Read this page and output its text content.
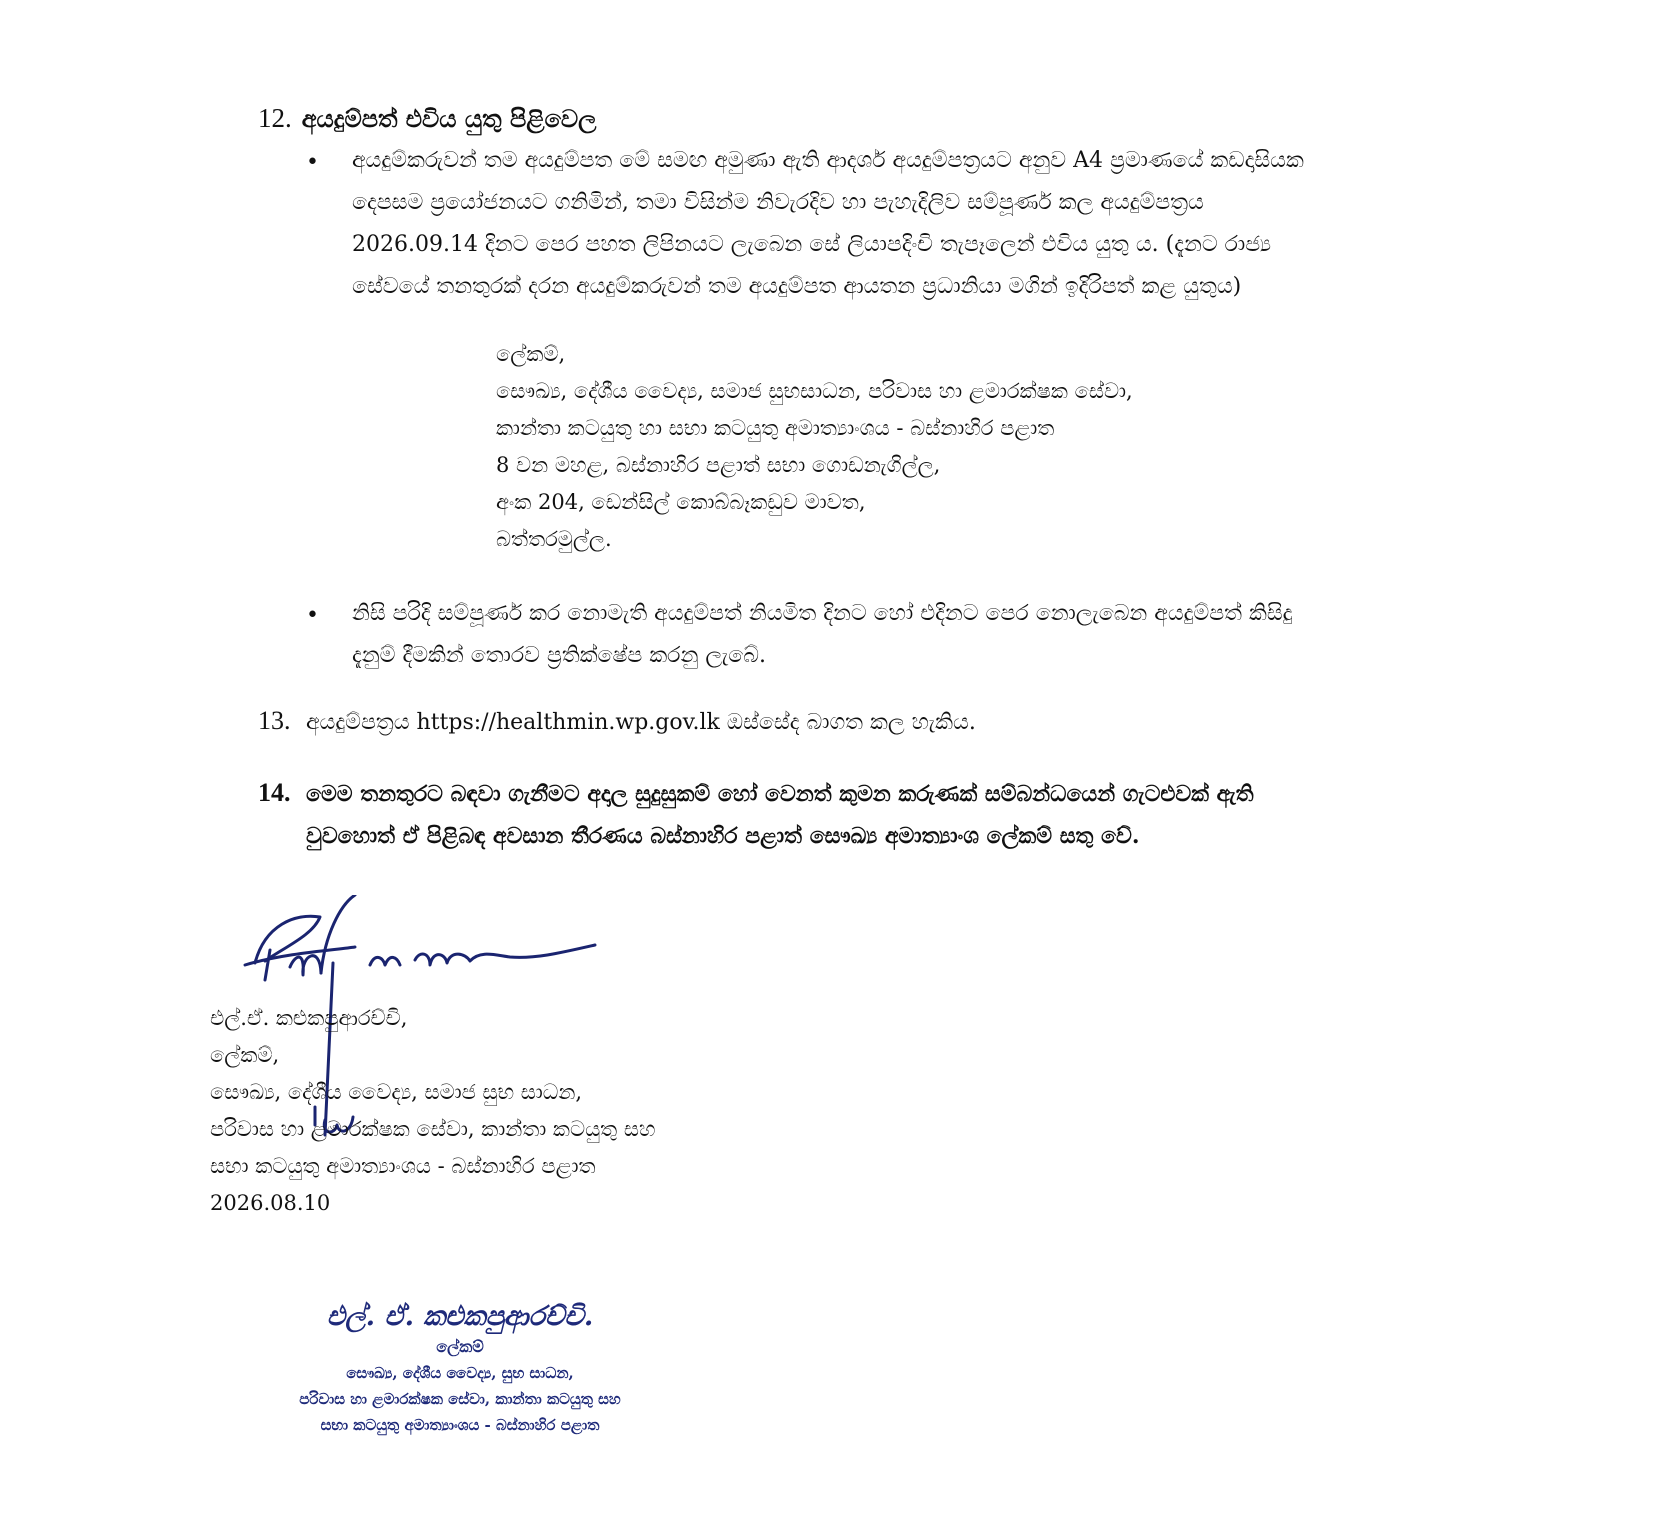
12. අයදුම්පත් එවිය යුතු පිළිවෙල
• අයදුම්කරුවන් තම අයදුම්පත මේ සමඟ අමුණා ඇති ආදර්ශ අයදුම්පත්‍රයට අනුව A4 ප්‍රමාණයේ කඩදාසියක
දෙපසම ප්‍රයෝජනයට ගනිමින්, තමා විසින්ම නිවැරදිව හා පැහැදිලිව සම්පූර්ණ කල අයදුම්පත්‍රය
2026.09.14 දිනට පෙර පහත ලිපිනයට ලැබෙන සේ ලියාපදිංචි තැපෑලෙන් එවිය යුතු ය. (දැනට රාජ්‍ය
සේවයේ තනතුරක් දරන අයදුම්කරුවන් තම අයදුම්පත ආයතන ප්‍රධානියා මගින් ඉදිරිපත් කළ යුතුය)
ලේකම්,
සෞඛ්‍ය, දේශීය වෛද්‍ය, සමාජ සුභසාධන, පරිවාස හා ළමාරක්ෂක සේවා,
කාන්තා කටයුතු හා සභා කටයුතු අමාත්‍යාංශය - බස්නාහිර පළාත
8 වන මහළ, බස්නාහිර පළාත් සභා ගොඩනැගිල්ල,
අංක 204, ඩෙන්සිල් කොබ්බෑකඩුව මාවත,
බත්තරමුල්ල.
• නිසි පරිදි සම්පූර්ණ කර නොමැති අයදුම්පත් නියමිත දිනට හෝ එදිනට පෙර නොලැබෙන අයදුම්පත් කිසිදු
දැනුම් දීමකින් තොරව ප්‍රතික්ෂේප කරනු ලැබේ.
13. අයදුම්පත්‍රය https://healthmin.wp.gov.lk ඔස්සේද බාගත කල හැකිය.
14. මෙම තනතුරට බඳවා ගැනීමට අදාල සුදුසුකම් හෝ වෙනත් කුමන කරුණක් සම්බන්ධයෙන් ගැටළුවක් ඇති
වුවහොත් ඒ පිළිබඳ අවසාන තීරණය බස්නාහිර පළාත් සෞඛ්‍ය අමාත්‍යාංශ ලේකම් සතු වේ.
එල්.ඒ. කළුකපුආරච්චි,
ලේකම්,
සෞඛ්‍ය, දේශීය වෛද්‍ය, සමාජ සුභ සාධන,
පරිවාස හා ළමාරක්ෂක සේවා, කාන්තා කටයුතු සහ
සභා කටයුතු අමාත්‍යාංශය - බස්නාහිර පළාත
2026.08.10
එල්. ඒ. කළුකපුආරච්චි.
ලේකම්
සෞඛ්‍ය, දේශීය වෛද්‍ය, සුභ සාධන,
පරිවාස හා ළමාරක්ෂක සේවා, කාන්තා කටයුතු සහ
සභා කටයුතු අමාත්‍යාංශය - බස්නාහිර පළාත
